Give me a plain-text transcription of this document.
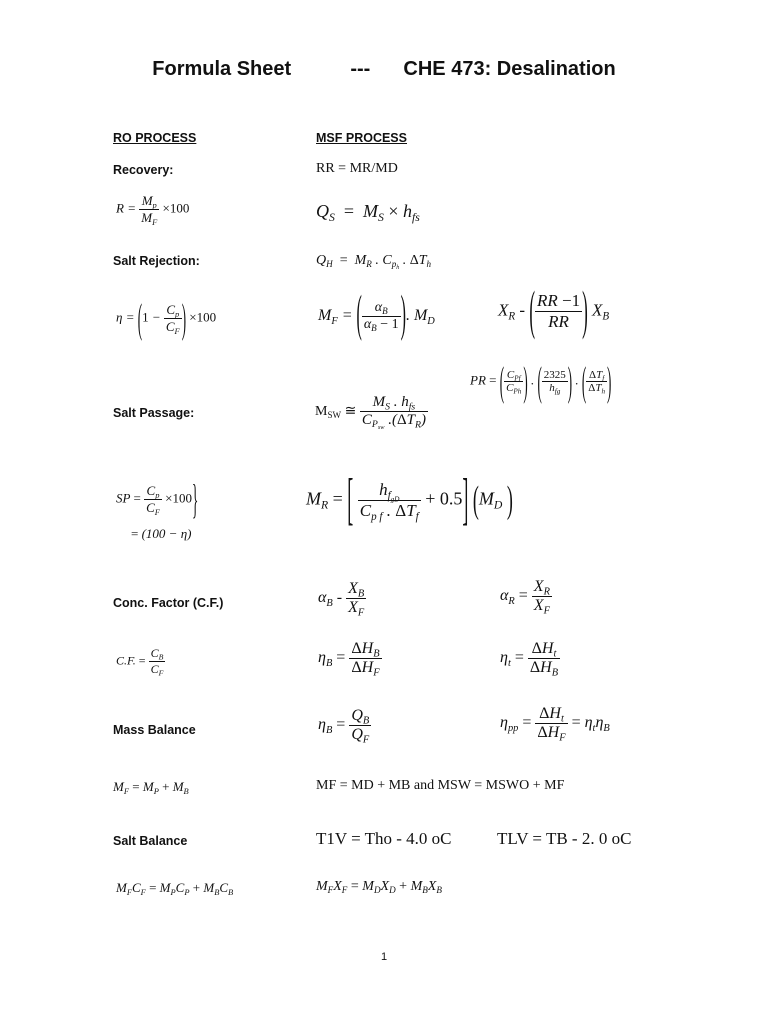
Formula Sheet	--- CHE 473: Desalination
RO PROCESS	MSF PROCESS
Recovery:	RR = MR/MD
$R = \frac{M_p}{M_F} \times 100$	$Q_S = M_S \times h_{fs}$
Salt Rejection:	$Q_H = M_R$ . $C_{p_h}$ . $\Delta T_h$
$\eta = (1 - \frac{C_p}{C_F}$ ) ×100	$M_F$ = ( $\frac{\alpha_B}{\alpha_B - 1}$ ). $M_D$
$X_R$ - ( $\frac{RR -1}{RR}$ ) $X_B$
PR = ( $\frac{C_{Pf}}{C_{Ph}}$ ) . ( $\frac{2325}{h_{fg}}$ ) . ( $\frac{\Delta T_f}{\Delta T_h}$ )
Salt Passage:	$M_{SW}$ ≅ $\frac{M_S . h_{fs}}{C_{P_{sw}} .(\Delta T_R)}$
SP = $\frac{C_p}{C_F} \times 100$}
= (100 − η)
$M_R$ = [ $\frac{h_{f_{gD}}}{C_{p f} . \Delta T_f} + 0.5$] ($M_D$ )
Conc. Factor (C.F.)	$\alpha_B - \frac{X_B}{X_F}$	$\alpha_R = \frac{X_R}{X_F}$
C.F. = $\frac{C_B}{C_F}$	$\eta_B = \frac{\Delta H_B}{\Delta H_F}$	$\eta_t = \frac{\Delta H_t}{\Delta H_B}$
Mass Balance	$\eta_B = \frac{Q_B}{Q_F}$	$\eta_{pp} = \frac{\Delta H_t}{\Delta H_F} = \eta_t\eta_B$
$M_F = M_P + M_B$	MF = MD + MB and MSW = MSWO + MF
Salt Balance	T1V = Tho - 4.0 oC	TLV = TB - 2. 0 oC
$M_FC_F = M_PC_P + M_BC_B$	$M_FX_F = M_DX_D + M_BX_B$
1
